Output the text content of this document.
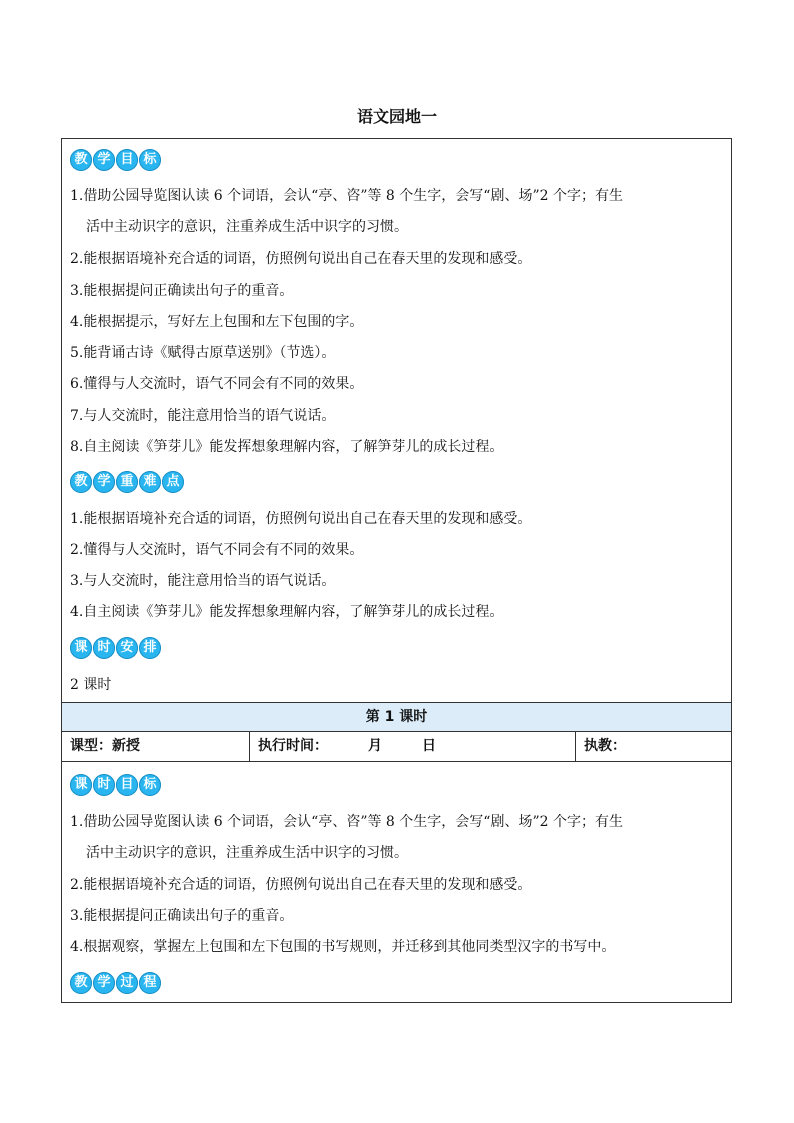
语文园地一
教 学 目 标
1.借助公园导览图认读 6 个词语，会认“亭、咨”等 8 个生字，会写“剧、场”2 个字；有生
活中主动识字的意识，注重养成生活中识字的习惯。
2.能根据语境补充合适的词语，仿照例句说出自己在春天里的发现和感受。
3.能根据提问正确读出句子的重音。
4.能根据提示，写好左上包围和左下包围的字。
5.能背诵古诗《赋得古原草送别》（节选）。
6.懂得与人交流时，语气不同会有不同的效果。
7.与人交流时，能注意用恰当的语气说话。
8.自主阅读《笋芽儿》能发挥想象理解内容，了解笋芽儿的成长过程。
教 学 重 难 点
1.能根据语境补充合适的词语，仿照例句说出自己在春天里的发现和感受。
2.懂得与人交流时，语气不同会有不同的效果。
3.与人交流时，能注意用恰当的语气说话。
4.自主阅读《笋芽儿》能发挥想象理解内容，了解笋芽儿的成长过程。
课 时 安 排
2 课时
第 1 课时
课型：新授	执行时间：	月	日	执教：
课 时 目 标
1.借助公园导览图认读 6 个词语，会认“亭、咨”等 8 个生字，会写“剧、场”2 个字；有生
活中主动识字的意识，注重养成生活中识字的习惯。
2.能根据语境补充合适的词语，仿照例句说出自己在春天里的发现和感受。
3.能根据提问正确读出句子的重音。
4.根据观察，掌握左上包围和左下包围的书写规则，并迁移到其他同类型汉字的书写中。
教 学 过 程
